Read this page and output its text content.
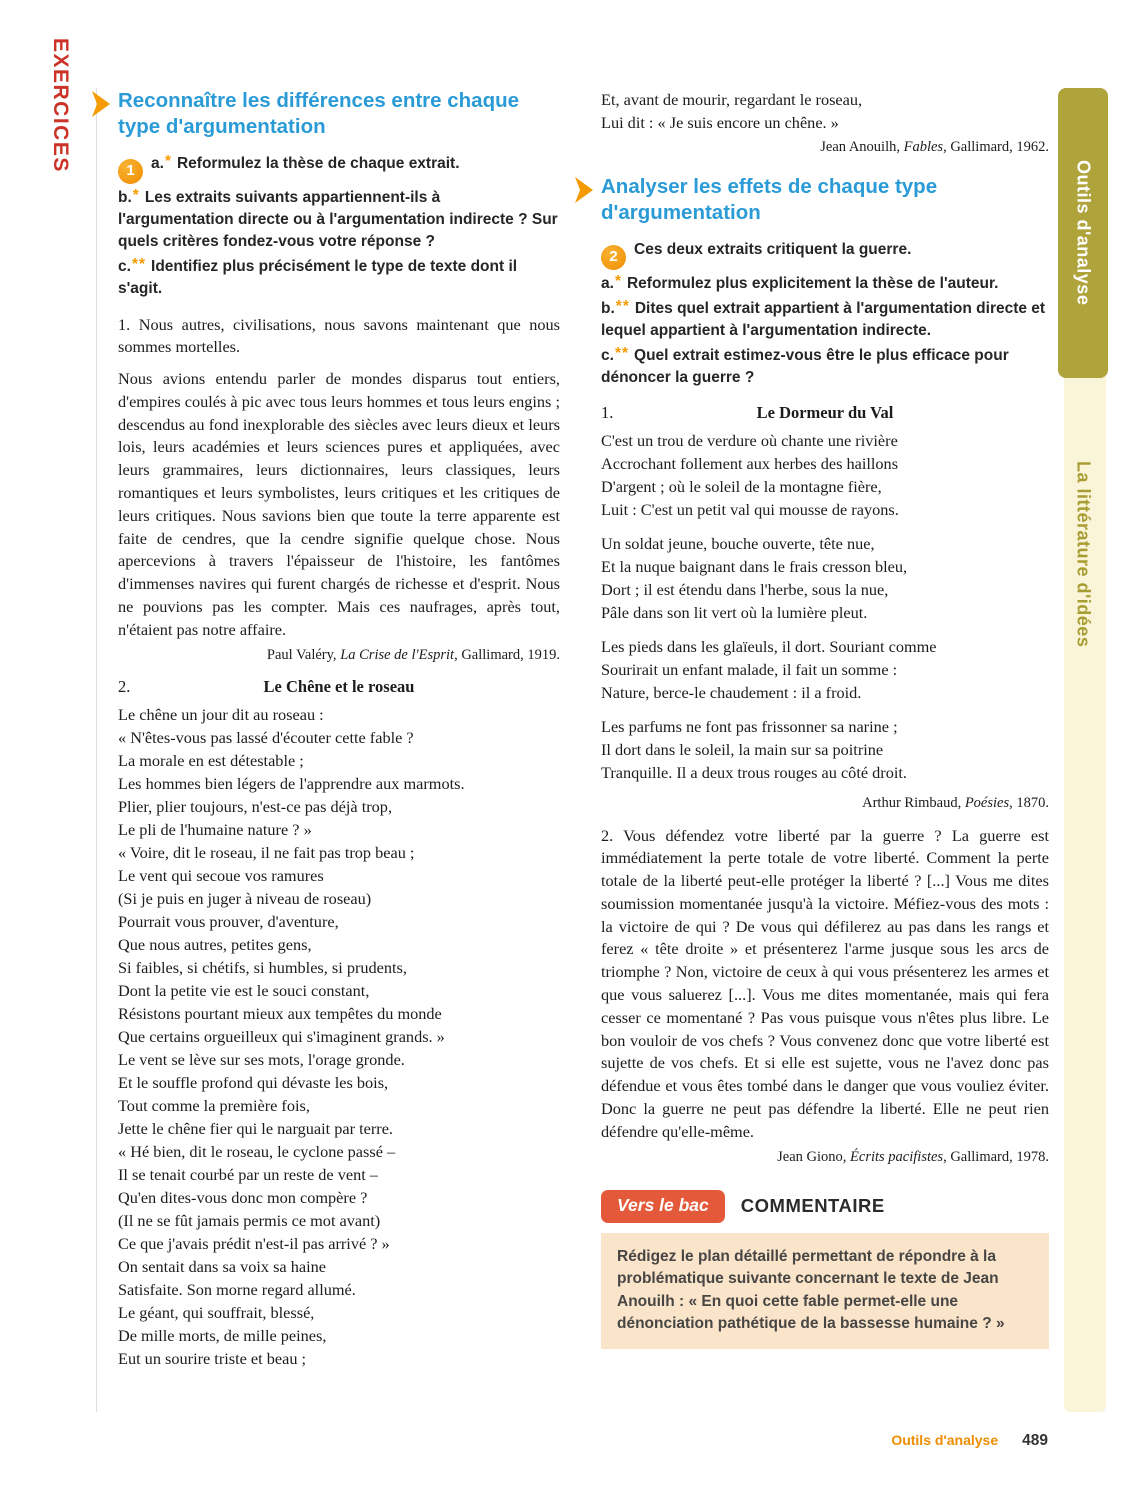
EXERCICES
Outils d'analyse
La littérature d'idées
Reconnaître les différences entre chaque type d'argumentation

1 a.* Reformulez la thèse de chaque extrait.

b.* Les extraits suivants appartiennent-ils à l'argumentation directe ou à l'argumentation indirecte ? Sur quels critères fondez-vous votre réponse ?

c.** Identifiez plus précisément le type de texte dont il s'agit.

1. Nous autres, civilisations, nous savons maintenant que nous sommes mortelles.

Nous avions entendu parler de mondes disparus tout entiers, d'empires coulés à pic avec tous leurs hommes et tous leurs engins ; descendus au fond inexplorable des siècles avec leurs dieux et leurs lois, leurs académies et leurs sciences pures et appliquées, avec leurs grammaires, leurs dictionnaires, leurs classiques, leurs romantiques et leurs symbolistes, leurs critiques et les critiques de leurs critiques. Nous savions bien que toute la terre apparente est faite de cendres, que la cendre signifie quelque chose. Nous apercevions à travers l'épaisseur de l'histoire, les fantômes d'immenses navires qui furent chargés de richesse et d'esprit. Nous ne pouvions pas les compter. Mais ces naufrages, après tout, n'étaient pas notre affaire.

Paul Valéry, La Crise de l'Esprit, Gallimard, 1919.

2.	Le Chêne et le roseau
Le chêne un jour dit au roseau :
« N'êtes-vous pas lassé d'écouter cette fable ?
La morale en est détestable ;
Les hommes bien légers de l'apprendre aux marmots.
Plier, plier toujours, n'est-ce pas déjà trop,
Le pli de l'humaine nature ? »
« Voire, dit le roseau, il ne fait pas trop beau ;
Le vent qui secoue vos ramures
(Si je puis en juger à niveau de roseau)
Pourrait vous prouver, d'aventure,
Que nous autres, petites gens,
Si faibles, si chétifs, si humbles, si prudents,
Dont la petite vie est le souci constant,
Résistons pourtant mieux aux tempêtes du monde
Que certains orgueilleux qui s'imaginent grands. »
Le vent se lève sur ses mots, l'orage gronde.
Et le souffle profond qui dévaste les bois,
Tout comme la première fois,
Jette le chêne fier qui le narguait par terre.
« Hé bien, dit le roseau, le cyclone passé –
Il se tenait courbé par un reste de vent –
Qu'en dites-vous donc mon compère ?
(Il ne se fût jamais permis ce mot avant)
Ce que j'avais prédit n'est-il pas arrivé ? »
On sentait dans sa voix sa haine
Satisfaite. Son morne regard allumé.
Le géant, qui souffrait, blessé,
De mille morts, de mille peines,
Eut un sourire triste et beau ;
Et, avant de mourir, regardant le roseau,
Lui dit : « Je suis encore un chêne. »

Jean Anouilh, Fables, Gallimard, 1962.

Analyser les effets de chaque type d'argumentation

2 Ces deux extraits critiquent la guerre.

a.* Reformulez plus explicitement la thèse de l'auteur.

b.** Dites quel extrait appartient à l'argumentation directe et lequel appartient à l'argumentation indirecte.

c.** Quel extrait estimez-vous être le plus efficace pour dénoncer la guerre ?

1.	Le Dormeur du Val
C'est un trou de verdure où chante une rivière
Accrochant follement aux herbes des haillons
D'argent ; où le soleil de la montagne fière,
Luit : C'est un petit val qui mousse de rayons.
Un soldat jeune, bouche ouverte, tête nue,
Et la nuque baignant dans le frais cresson bleu,
Dort ; il est étendu dans l'herbe, sous la nue,
Pâle dans son lit vert où la lumière pleut.
Les pieds dans les glaïeuls, il dort. Souriant comme
Sourirait un enfant malade, il fait un somme :
Nature, berce-le chaudement : il a froid.
Les parfums ne font pas frissonner sa narine ;
Il dort dans le soleil, la main sur sa poitrine
Tranquille. Il a deux trous rouges au côté droit.

Arthur Rimbaud, Poésies, 1870.

2. Vous défendez votre liberté par la guerre ? La guerre est immédiatement la perte totale de votre liberté. Comment la perte totale de la liberté peut-elle protéger la liberté ? [...] Vous me dites soumission momentanée jusqu'à la victoire. Méfiez-vous des mots : la victoire de qui ? De vous qui défilerez au pas dans les rangs et ferez « tête droite » et présenterez l'arme jusque sous les arcs de triomphe ? Non, victoire de ceux à qui vous présenterez les armes et que vous saluerez [...]. Vous me dites momentanée, mais qui fera cesser ce momentané ? Pas vous puisque vous n'êtes plus libre. Le bon vouloir de vos chefs ? Vous convenez donc que votre liberté est sujette de vos chefs. Et si elle est sujette, vous ne l'avez donc pas défendue et vous êtes tombé dans le danger que vous vouliez éviter. Donc la guerre ne peut pas défendre la liberté. Elle ne peut rien défendre qu'elle-même.

Jean Giono, Écrits pacifistes, Gallimard, 1978.

Vers le bac	COMMENTAIRE
Rédigez le plan détaillé permettant de répondre à la problématique suivante concernant le texte de Jean Anouilh : « En quoi cette fable permet-elle une dénonciation pathétique de la bassesse humaine ? »
Outils d'analyse 489
